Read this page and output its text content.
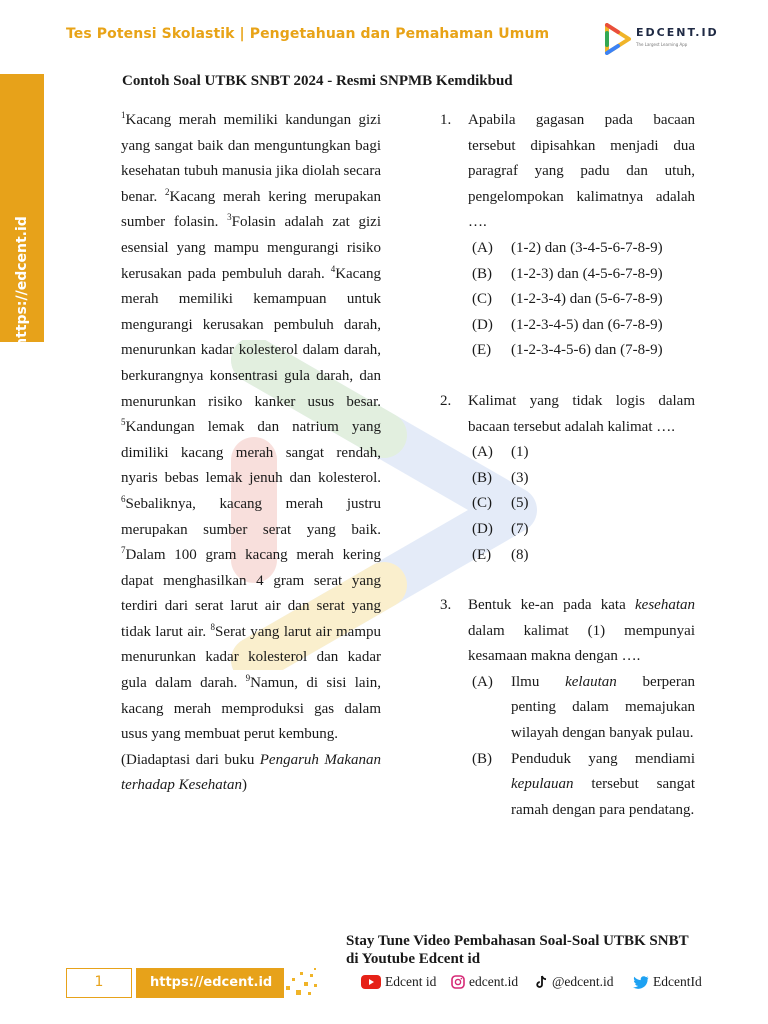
Tes Potensi Skolastik | Pengetahuan dan Pemahaman Umum	EDCENT.ID
The Largest Learning App
https://edcent.id
Contoh Soal UTBK SNBT 2024 - Resmi SNPMB Kemdikbud

$^1$Kacang merah memiliki kandungan gizi yang sangat baik dan menguntungkan bagi kesehatan tubuh manusia jika diolah secara benar. $^2$Kacang merah kering merupakan sumber folasin. $^3$Folasin adalah zat gizi esensial yang mampu mengurangi risiko kerusakan pada pembuluh darah. $^4$Kacang merah memiliki kemampuan untuk mengurangi kerusakan pembuluh darah, menurunkan kadar kolesterol dalam darah, berkurangnya konsentrasi gula darah, dan menurunkan risiko kanker usus besar. $^5$Kandungan lemak dan natrium yang dimiliki kacang merah sangat rendah, nyaris bebas lemak jenuh dan kolesterol. $^6$Sebaliknya, kacang merah justru merupakan sumber serat yang baik. $^7$Dalam 100 gram kacang merah kering dapat menghasilkan 4 gram serat yang terdiri dari serat larut air dan serat yang tidak larut air. $^8$Serat yang larut air mampu menurunkan kadar kolesterol dan kadar gula dalam darah. $^9$Namun, di sisi lain, kacang merah memproduksi gas dalam usus yang membuat perut kembung.

(Diadaptasi dari buku Pengaruh Makanan terhadap Kesehatan)

1. Apabila gagasan pada bacaan tersebut dipisahkan menjadi dua paragraf yang padu dan utuh, pengelompokan kalimatnya adalah ….

(A) (1-2) dan (3-4-5-6-7-8-9)
(B) (1-2-3) dan (4-5-6-7-8-9)
(C) (1-2-3-4) dan (5-6-7-8-9)
(D) (1-2-3-4-5) dan (6-7-8-9)
(E) (1-2-3-4-5-6) dan (7-8-9)
2. Kalimat yang tidak logis dalam bacaan tersebut adalah kalimat ….

(A) (1)
(B) (3)
(C) (5)
(D) (7)
(E) (8)
3. Bentuk ke-an pada kata kesehatan dalam kalimat (1) mempunyai kesamaan makna dengan ….

(A) Ilmu kelautan berperan penting dalam memajukan wilayah dengan banyak pulau.
(B) Penduduk yang mendiami kepulauan tersebut sangat ramah dengan para pendatang.
Stay Tune Video Pembahasan Soal-Soal UTBK SNBT
di Youtube Edcent id
1	https://edcent.id	Edcent id edcent.id	@edcent.id	EdcentId
